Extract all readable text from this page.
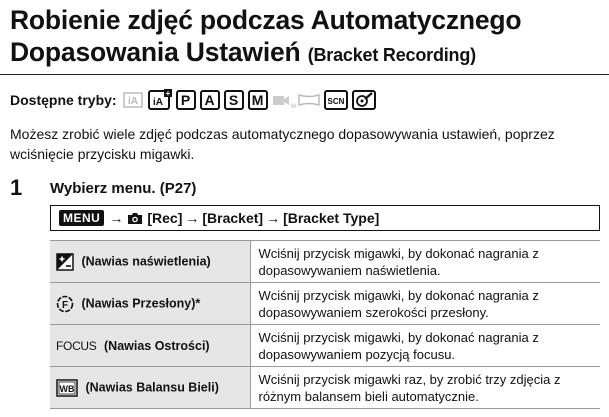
Robienie zdjęć podczas Automatycznego
Dopasowania Ustawień (Bracket Recording)
Dostępne tryby: iA iA
+ P	A	S M	M
SCN
Możesz zrobić wiele zdjęć podczas automatycznego dopasowywania ustawień, poprzez wciśnięcie przycisku migawki.
1 Wybierz menu. (P27)
MENU → [Rec] → [Bracket] → [Bracket Type]
(Nawias naświetlenia)	Wciśnij przycisk migawki, by dokonać nagrania z dopasowywaniem naświetlenia.

F (Nawias Przesłony)*	Wciśnij przycisk migawki, by dokonać nagrania z dopasowywaniem szerokości przesłony.
FOCUS (Nawias Ostrości)	Wciśnij przycisk migawki, by dokonać nagrania z dopasowywaniem pozycją focusu.

WB (Nawias Balansu Bieli)	Wciśnij przycisk migawki raz, by zrobić trzy zdjęcia z różnym balansem bieli automatycznie.
